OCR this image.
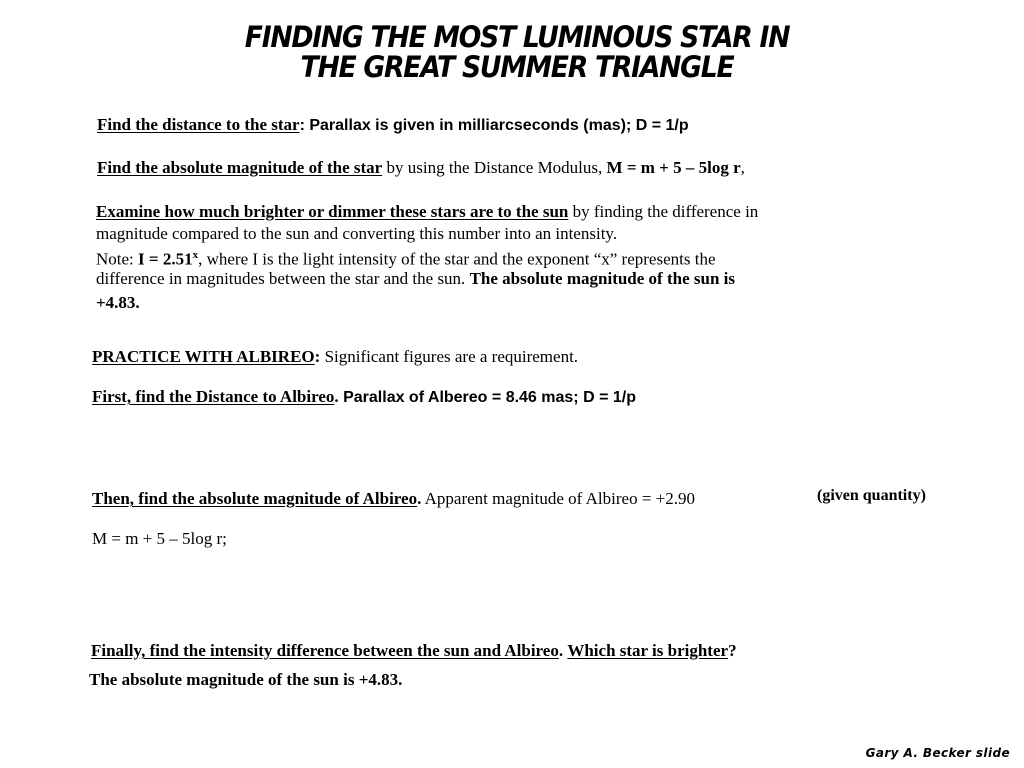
FINDING THE MOST LUMINOUS STAR IN
THE GREAT SUMMER TRIANGLE
Find the distance to the star: Parallax is given in milliarcseconds (mas); D = 1/p
Find the absolute magnitude of the star by using the Distance Modulus, M = m + 5 – 5log r,
Examine how much brighter or dimmer these stars are to the sun by finding the difference in
magnitude compared to the sun and converting this number into an intensity.
Note: $I = 2.51^x$, where I is the light intensity of the star and the exponent “x” represents the
difference in magnitudes between the star and the sun. The absolute magnitude of the sun is
+4.83.
PRACTICE WITH ALBIREO: Significant figures are a requirement.
First, find the Distance to Albireo. Parallax of Albereo = 8.46 mas; D = 1/p
Then, find the absolute magnitude of Albireo. Apparent magnitude of Albireo = +2.90	(given quantity)
M = m + 5 – 5log r;
Finally, find the intensity difference between the sun and Albireo. Which star is brighter?
The absolute magnitude of the sun is +4.83.
Gary A. Becker slide
